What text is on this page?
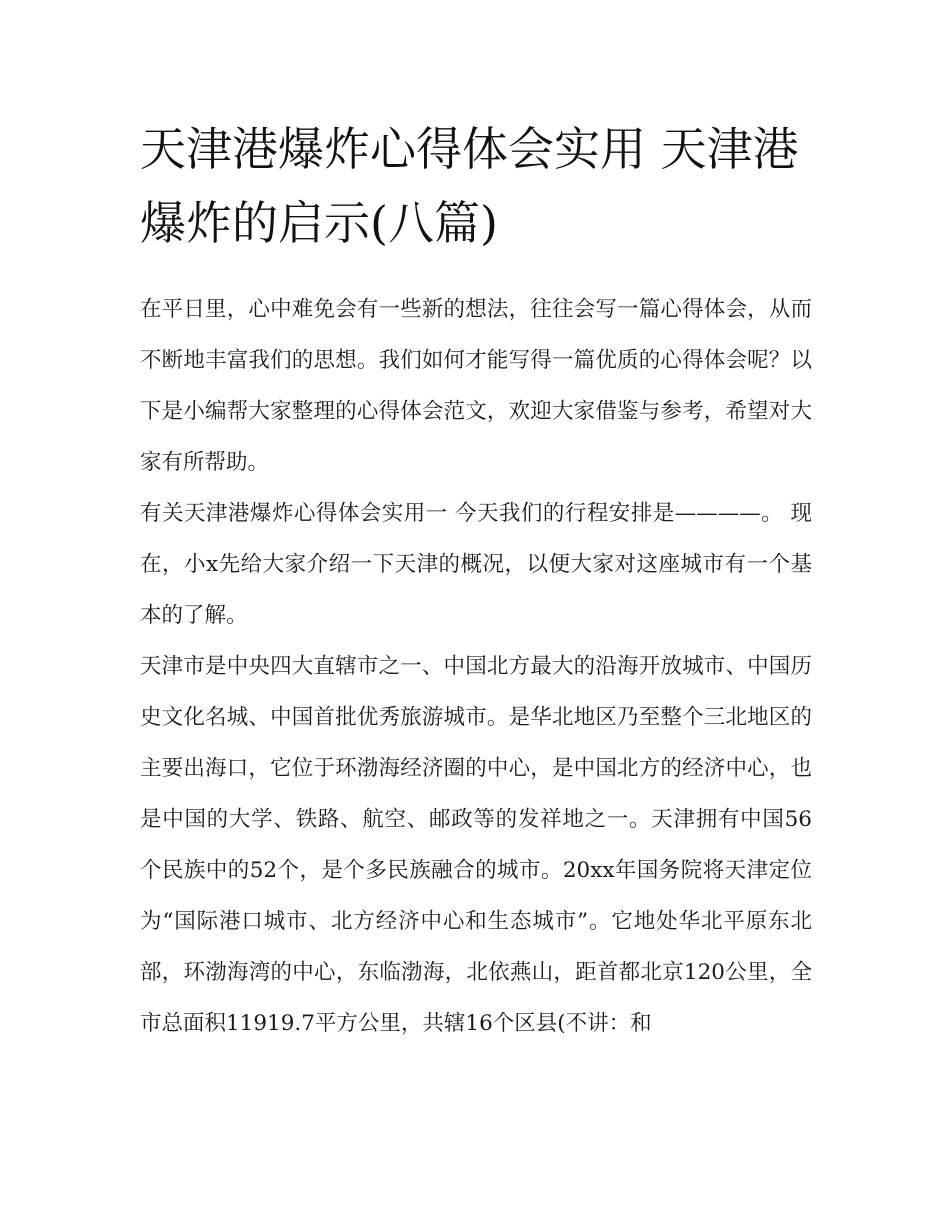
天津港爆炸心得体会实用 天津港爆炸的启示(八篇)

在平日里，心中难免会有一些新的想法，往往会写一篇心得体会，从而不断地丰富我们的思想。我们如何才能写得一篇优质的心得体会呢？以下是小编帮大家整理的心得体会范文，欢迎大家借鉴与参考，希望对大家有所帮助。

有关天津港爆炸心得体会实用一 今天我们的行程安排是————。 现在，小x先给大家介绍一下天津的概况，以便大家对这座城市有一个基本的了解。

天津市是中央四大直辖市之一、中国北方最大的沿海开放城市、中国历史文化名城、中国首批优秀旅游城市。是华北地区乃至整个三北地区的主要出海口，它位于环渤海经济圈的中心，是中国北方的经济中心，也是中国的大学、铁路、航空、邮政等的发祥地之一。天津拥有中国56个民族中的52个，是个多民族融合的城市。20xx年国务院将天津定位为“国际港口城市、北方经济中心和生态城市”。它地处华北平原东北部，环渤海湾的中心，东临渤海，北依燕山，距首都北京120公里，全市总面积11919.7平方公里，共辖16个区县(不讲：和
